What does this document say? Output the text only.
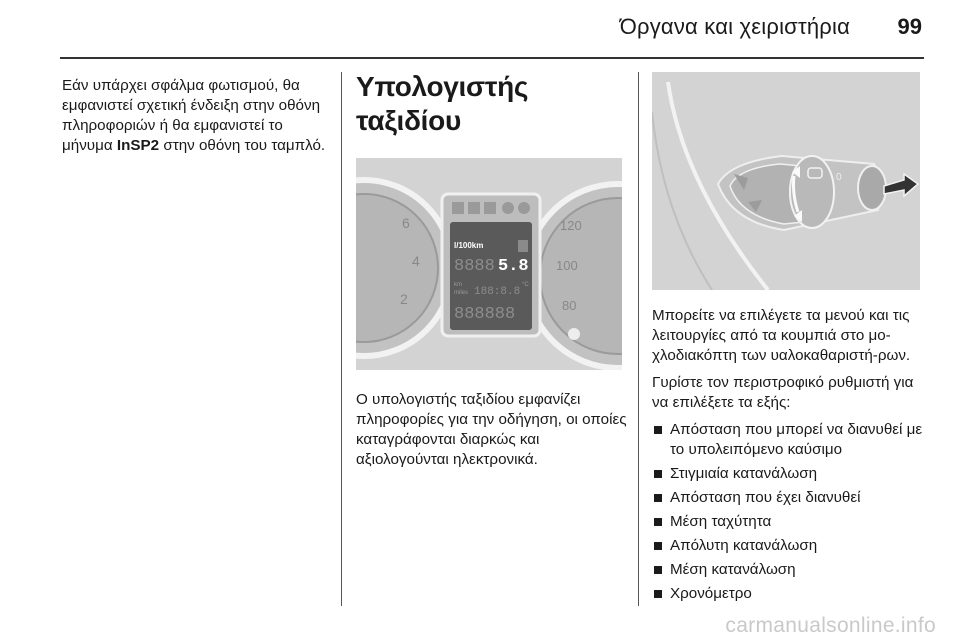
Όργανα και χειριστήρια	99

Εάν υπάρχει σφάλμα φωτισμού, θα εμφανιστεί σχετική ένδειξη στην οθόνη πληροφοριών ή θα εμφανιστεί το μήνυμα InSP2 στην οθόνη του ταμπλό.

Υπολογιστής ταξιδίου
6
4
2
120
100
80
l/100km
8888 5.8
km
miles 188:8.8
°C
888888

Ο υπολογιστής ταξιδίου εμφανίζει πληροφορίες για την οδήγηση, οι οποίες καταγράφονται διαρκώς και αξιολογούνται ηλεκτρονικά.

0

Μπορείτε να επιλέγετε τα μενού και τις λειτουργίες από τα κουμπιά στο μο-χλοδιακόπτη των υαλοκαθαριστή-ρων.

Γυρίστε τον περιστροφικό ρυθμιστή για να επιλέξετε τα εξής:

Απόσταση που μπορεί να διανυθεί με το υπολειπόμενο καύσιμο
Στιγμιαία κατανάλωση
Απόσταση που έχει διανυθεί
Μέση ταχύτητα
Απόλυτη κατανάλωση
Μέση κατανάλωση
Χρονόμετρο
carmanualsonline.info
